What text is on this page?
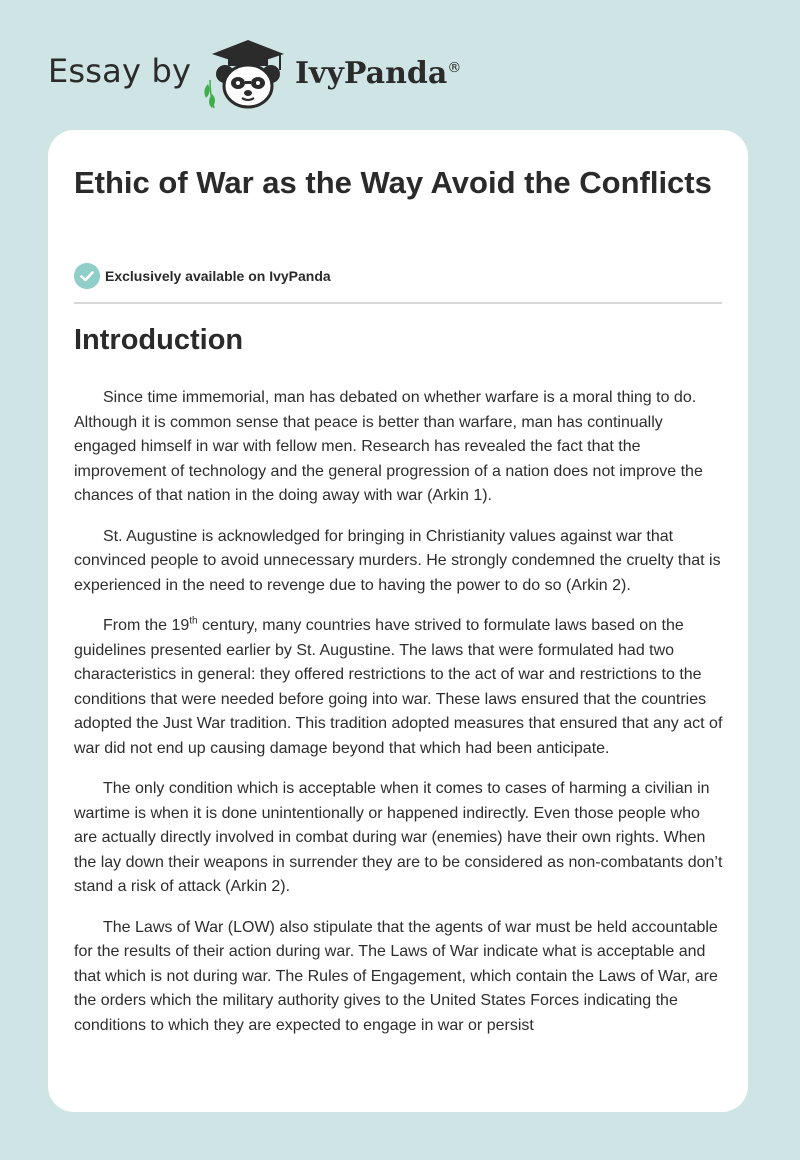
Essay by	IvyPanda®
Ethic of War as the Way Avoid the Conflicts
Exclusively available on IvyPanda
Introduction

Since time immemorial, man has debated on whether warfare is a moral thing to do. Although it is common sense that peace is better than warfare, man has continually engaged himself in war with fellow men. Research has revealed the fact that the improvement of technology and the general progression of a nation does not improve the chances of that nation in the doing away with war (Arkin 1).

St. Augustine is acknowledged for bringing in Christianity values against war that convinced people to avoid unnecessary murders. He strongly condemned the cruelty that is experienced in the need to revenge due to having the power to do so (Arkin 2).

From the 19th century, many countries have strived to formulate laws based on the guidelines presented earlier by St. Augustine. The laws that were formulated had two characteristics in general: they offered restrictions to the act of war and restrictions to the conditions that were needed before going into war. These laws ensured that the countries adopted the Just War tradition. This tradition adopted measures that ensured that any act of war did not end up causing damage beyond that which had been anticipate.

The only condition which is acceptable when it comes to cases of harming a civilian in wartime is when it is done unintentionally or happened indirectly. Even those people who are actually directly involved in combat during war (enemies) have their own rights. When the lay down their weapons in surrender they are to be considered as non-combatants don’t stand a risk of attack (Arkin 2).

The Laws of War (LOW) also stipulate that the agents of war must be held accountable for the results of their action during war. The Laws of War indicate what is acceptable and that which is not during war. The Rules of Engagement, which contain the Laws of War, are the orders which the military authority gives to the United States Forces indicating the conditions to which they are expected to engage in war or persist
